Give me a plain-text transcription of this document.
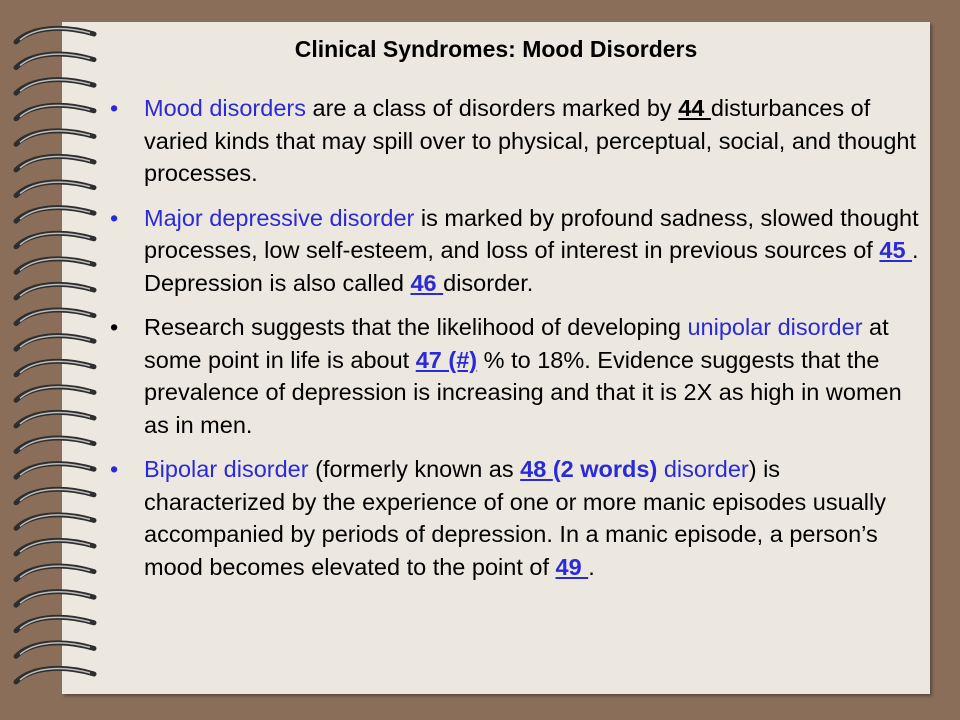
Clinical Syndromes: Mood Disorders
• Mood disorders are a class of disorders marked by 44 disturbances of varied kinds that may spill over to physical, perceptual, social, and thought processes.
• Major depressive disorder is marked by profound sadness, slowed thought processes, low self-esteem, and loss of interest in previous sources of 45 . Depression is also called 46 disorder.
• Research suggests that the likelihood of developing unipolar disorder at some point in life is about 47 (#) % to 18%. Evidence suggests that the prevalence of depression is increasing and that it is 2X as high in women as in men.
• Bipolar disorder (formerly known as 48 (2 words) disorder) is characterized by the experience of one or more manic episodes usually accompanied by periods of depression. In a manic episode, a person’s mood becomes elevated to the point of 49 .
